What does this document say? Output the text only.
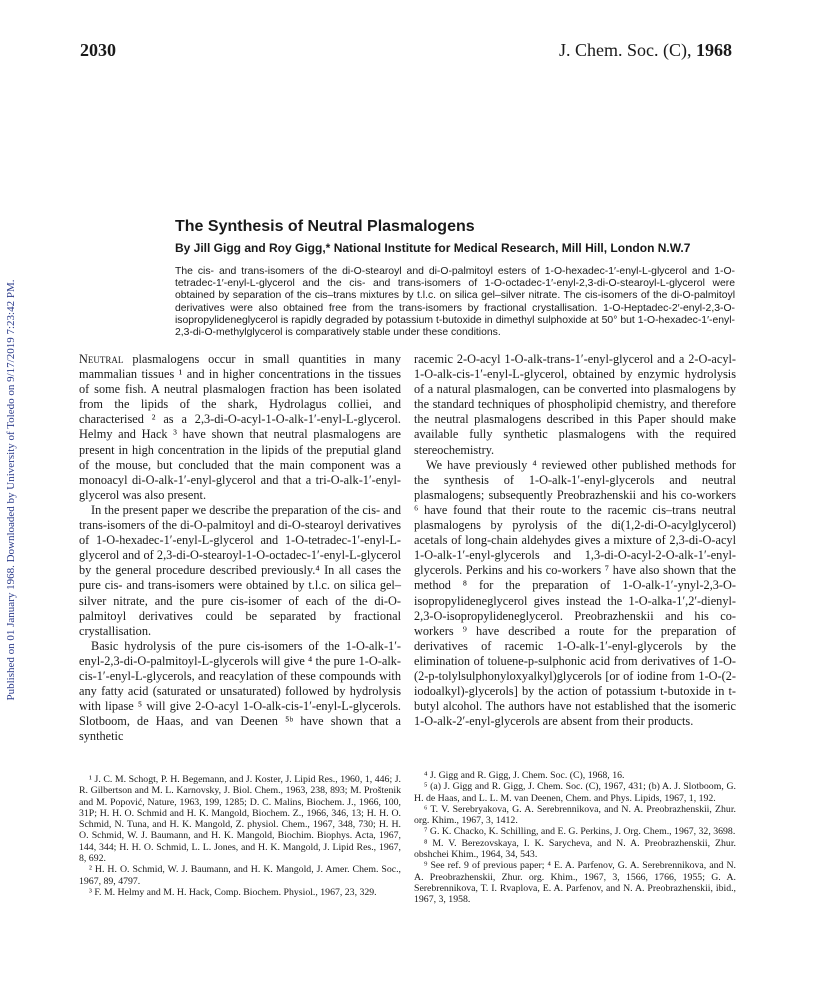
2030	J. Chem. Soc. (C), 1968
Published on 01 January 1968. Downloaded by University of Toledo on 9/17/2019 7:23:42 PM.
The Synthesis of Neutral Plasmalogens
By Jill Gigg and Roy Gigg,* National Institute for Medical Research, Mill Hill, London N.W.7
The cis- and trans-isomers of the di-O-stearoyl and di-O-palmitoyl esters of 1-O-hexadec-1′-enyl-L-glycerol and 1-O-tetradec-1′-enyl-L-glycerol and the cis- and trans-isomers of 1-O-octadec-1′-enyl-2,3-di-O-stearoyl-L-glycerol were obtained by separation of the cis–trans mixtures by t.l.c. on silica gel–silver nitrate. The cis-isomers of the di-O-palmitoyl derivatives were also obtained free from the trans-isomers by fractional crystallisation. 1-O-Heptadec-2′-enyl-2,3-O-isopropylideneglycerol is rapidly degraded by potassium t-butoxide in dimethyl sulphoxide at 50° but 1-O-hexadec-1′-enyl-2,3-di-O-methylglycerol is comparatively stable under these conditions.

Neutral plasmalogens occur in small quantities in many mammalian tissues ¹ and in higher concentrations in the tissues of some fish. A neutral plasmalogen fraction has been isolated from the lipids of the shark, Hydrolagus colliei, and characterised ² as a 2,3-di-O-acyl-1-O-alk-1′-enyl-L-glycerol. Helmy and Hack ³ have shown that neutral plasmalogens are present in high concentration in the lipids of the preputial gland of the mouse, but concluded that the main component was a monoacyl di-O-alk-1′-enyl-glycerol and that a tri-O-alk-1′-enyl-glycerol was also present.

In the present paper we describe the preparation of the cis- and trans-isomers of the di-O-palmitoyl and di-O-stearoyl derivatives of 1-O-hexadec-1′-enyl-L-glycerol and 1-O-tetradec-1′-enyl-L-glycerol and of 2,3-di-O-stearoyl-1-O-octadec-1′-enyl-L-glycerol by the general procedure described previously.⁴ In all cases the pure cis- and trans-isomers were obtained by t.l.c. on silica gel–silver nitrate, and the pure cis-isomer of each of the di-O-palmitoyl derivatives could be separated by fractional crystallisation.

Basic hydrolysis of the pure cis-isomers of the 1-O-alk-1′-enyl-2,3-di-O-palmitoyl-L-glycerols will give ⁴ the pure 1-O-alk-cis-1′-enyl-L-glycerols, and reacylation of these compounds with any fatty acid (saturated or unsaturated) followed by hydrolysis with lipase ⁵ will give 2-O-acyl 1-O-alk-cis-1′-enyl-L-glycerols. Slotboom, de Haas, and van Deenen ⁵ᵇ have shown that a synthetic

racemic 2-O-acyl 1-O-alk-trans-1′-enyl-glycerol and a 2-O-acyl-1-O-alk-cis-1′-enyl-L-glycerol, obtained by enzymic hydrolysis of a natural plasmalogen, can be converted into plasmalogens by the standard techniques of phospholipid chemistry, and therefore the neutral plasmalogens described in this Paper should make available fully synthetic plasmalogens with the required stereochemistry.

We have previously ⁴ reviewed other published methods for the synthesis of 1-O-alk-1′-enyl-glycerols and neutral plasmalogens; subsequently Preobrazhenskii and his co-workers ⁶ have found that their route to the racemic cis–trans neutral plasmalogens by pyrolysis of the di(1,2-di-O-acylglycerol) acetals of long-chain aldehydes gives a mixture of 2,3-di-O-acyl 1-O-alk-1′-enyl-glycerols and 1,3-di-O-acyl-2-O-alk-1′-enyl-glycerols. Perkins and his co-workers ⁷ have also shown that the method ⁸ for the preparation of 1-O-alk-1′-ynyl-2,3-O-isopropylideneglycerol gives instead the 1-O-alka-1′,2′-dienyl-2,3-O-isopropylideneglycerol. Preobrazhenskii and his co-workers ⁹ have described a route for the preparation of derivatives of racemic 1-O-alk-1′-enyl-glycerols by the elimination of toluene-p-sulphonic acid from derivatives of 1-O-(2-p-tolylsulphonyloxyalkyl)glycerols [or of iodine from 1-O-(2-iodoalkyl)-glycerols] by the action of potassium t-butoxide in t-butyl alcohol. The authors have not established that the isomeric 1-O-alk-2′-enyl-glycerols are absent from their products.

¹ J. C. M. Schogt, P. H. Begemann, and J. Koster, J. Lipid Res., 1960, 1, 446; J. R. Gilbertson and M. L. Karnovsky, J. Biol. Chem., 1963, 238, 893; M. Proštenik and M. Popović, Nature, 1963, 199, 1285; D. C. Malins, Biochem. J., 1966, 100, 31P; H. H. O. Schmid and H. K. Mangold, Biochem. Z., 1966, 346, 13; H. H. O. Schmid, N. Tuna, and H. K. Mangold, Z. physiol. Chem., 1967, 348, 730; H. H. O. Schmid, W. J. Baumann, and H. K. Mangold, Biochim. Biophys. Acta, 1967, 144, 344; H. H. O. Schmid, L. L. Jones, and H. K. Mangold, J. Lipid Res., 1967, 8, 692.

² H. H. O. Schmid, W. J. Baumann, and H. K. Mangold, J. Amer. Chem. Soc., 1967, 89, 4797.

³ F. M. Helmy and M. H. Hack, Comp. Biochem. Physiol., 1967, 23, 329.

⁴ J. Gigg and R. Gigg, J. Chem. Soc. (C), 1968, 16.

⁵ (a) J. Gigg and R. Gigg, J. Chem. Soc. (C), 1967, 431; (b) A. J. Slotboom, G. H. de Haas, and L. L. M. van Deenen, Chem. and Phys. Lipids, 1967, 1, 192.

⁶ T. V. Serebryakova, G. A. Serebrennikova, and N. A. Preobrazhenskii, Zhur. org. Khim., 1967, 3, 1412.

⁷ G. K. Chacko, K. Schilling, and E. G. Perkins, J. Org. Chem., 1967, 32, 3698.

⁸ M. V. Berezovskaya, I. K. Sarycheva, and N. A. Preobrazhenskii, Zhur. obshchei Khim., 1964, 34, 543.

⁹ See ref. 9 of previous paper; ⁴ E. A. Parfenov, G. A. Serebrennikova, and N. A. Preobrazhenskii, Zhur. org. Khim., 1967, 3, 1566, 1766, 1955; G. A. Serebrennikova, T. I. Rvaplova, E. A. Parfenov, and N. A. Preobrazhenskii, ibid., 1967, 3, 1958.
